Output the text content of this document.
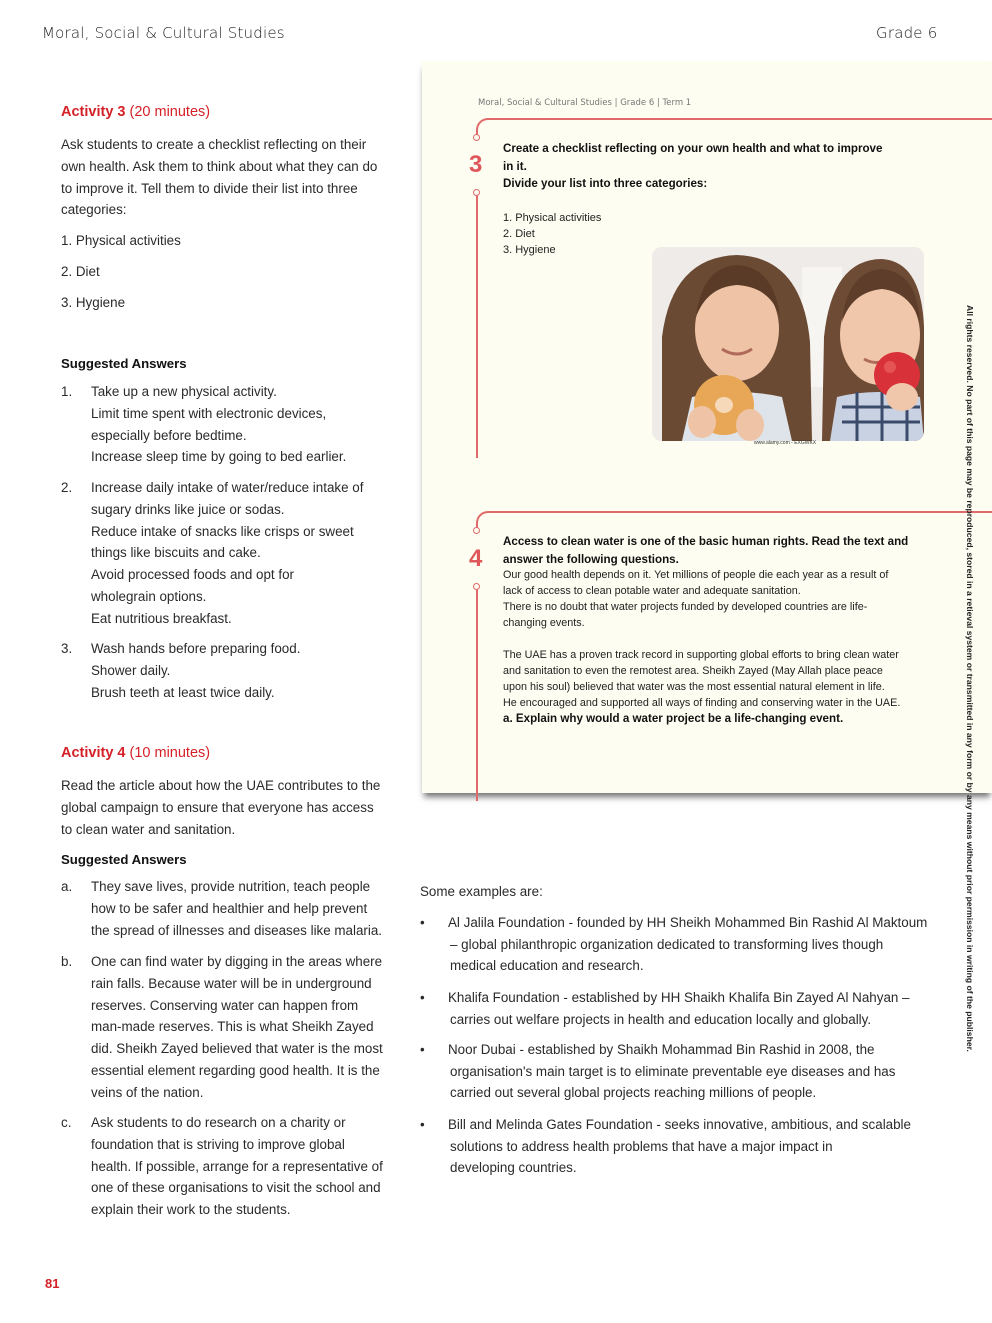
Moral, Social & Cultural Studies	Grade 6
Activity 3 (20 minutes)
Ask students to create a checklist reflecting on their
own health. Ask them to think about what they can do
to improve it. Tell them to divide their list into three
categories:
1. Physical activities
2. Diet
3. Hygiene
Suggested Answers
1. Take up a new physical activity.
Limit time spent with electronic devices,
especially before bedtime.
Increase sleep time by going to bed earlier.
2. Increase daily intake of water/reduce intake of
sugary drinks like juice or sodas.
Reduce intake of snacks like crisps or sweet
things like biscuits and cake.
Avoid processed foods and opt for
wholegrain options.
Eat nutritious breakfast.
3. Wash hands before preparing food.
Shower daily.
Brush teeth at least twice daily.
Activity 4 (10 minutes)
Read the article about how the UAE contributes to the
global campaign to ensure that everyone has access
to clean water and sanitation.
Suggested Answers
a. They save lives, provide nutrition, teach people
how to be safer and healthier and help prevent
the spread of illnesses and diseases like malaria.
b. One can find water by digging in the areas where
rain falls. Because water will be in underground
reserves. Conserving water can happen from
man-made reserves. This is what Sheikh Zayed
did. Sheikh Zayed believed that water is the most
essential element regarding good health. It is the
veins of the nation.
c. Ask students to do research on a charity or
foundation that is striving to improve global
health. If possible, arrange for a representative of
one of these organisations to visit the school and
explain their work to the students.
Moral, Social & Cultural Studies | Grade 6 | Term 1
3
Create a checklist reflecting on your own health and what to improve
in it.
Divide your list into three categories:
1. Physical activities
2. Diet
3. Hygiene
www.alamy.com - EXGWKX
4
Access to clean water is one of the basic human rights. Read the text and
answer the following questions.
Our good health depends on it. Yet millions of people die each year as a result of
lack of access to clean potable water and adequate sanitation.
There is no doubt that water projects funded by developed countries are life-
changing events.
The UAE has a proven track record in supporting global efforts to bring clean water
and sanitation to even the remotest area. Sheikh Zayed (May Allah place peace
upon his soul) believed that water was the most essential natural element in life.
He encouraged and supported all ways of finding and conserving water in the UAE.
a. Explain why would a water project be a life-changing event.	All rights reserved. No part of this page may be reproduced, stored in a retieval system or transmitted in any form or by any means without prior permission in writing of the publisher.
Some examples are:
• Al Jalila Foundation - founded by HH Sheikh Mohammed Bin Rashid Al Maktoum
– global philanthropic organization dedicated to transforming lives though
medical education and research.
• Khalifa Foundation - established by HH Shaikh Khalifa Bin Zayed Al Nahyan –
carries out welfare projects in health and education locally and globally.
• Noor Dubai - established by Shaikh Mohammad Bin Rashid in 2008, the
organisation's main target is to eliminate preventable eye diseases and has
carried out several global projects reaching millions of people.
• Bill and Melinda Gates Foundation - seeks innovative, ambitious, and scalable
solutions to address health problems that have a major impact in
developing countries.
81
